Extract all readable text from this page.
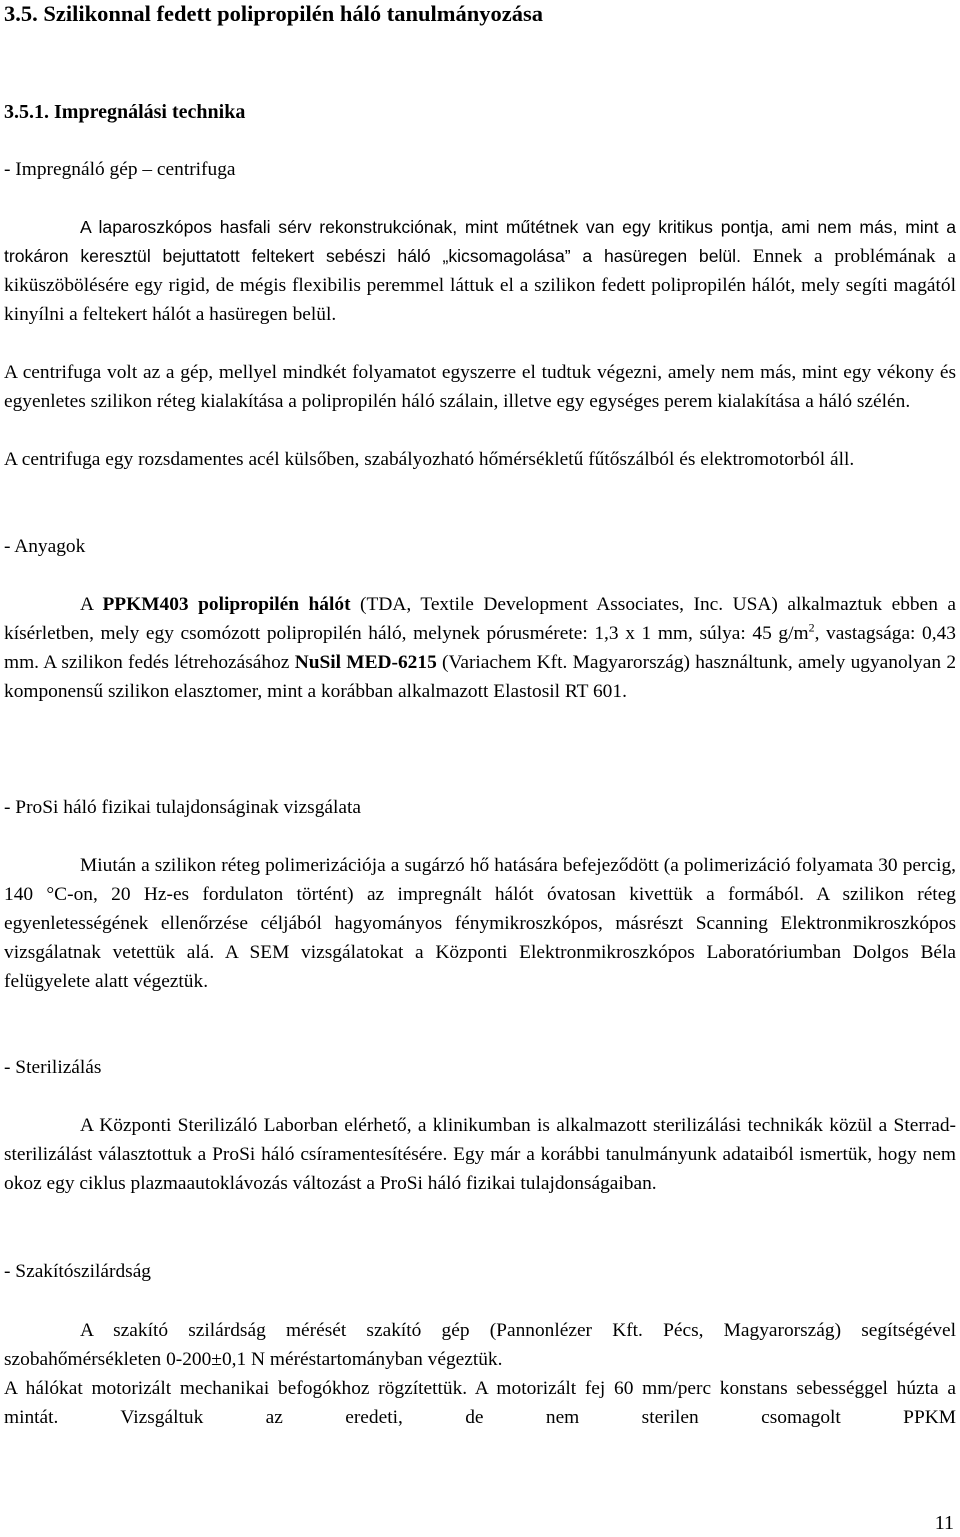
3.5. Szilikonnal fedett polipropilén háló tanulmányozása

3.5.1. Impregnálási technika

- Impregnáló gép – centrifuga

A laparoszkópos hasfali sérv rekonstrukciónak, mint műtétnek van egy kritikus pontja, ami nem más, mint a trokáron keresztül bejuttatott feltekert sebészi háló „kicsomagolása” a hasüregen belül. Ennek a problémának a kiküszöbölésére egy rigid, de mégis flexibilis peremmel láttuk el a szilikon fedett polipropilén hálót, mely segíti magától kinyílni a feltekert hálót a hasüregen belül.

A centrifuga volt az a gép, mellyel mindkét folyamatot egyszerre el tudtuk végezni, amely nem más, mint egy vékony és egyenletes szilikon réteg kialakítása a polipropilén háló szálain, illetve egy egységes perem kialakítása a háló szélén.

A centrifuga egy rozsdamentes acél külsőben, szabályozható hőmérsékletű fűtőszálból és elektromotorból áll.

- Anyagok

A PPKM403 polipropilén hálót (TDA, Textile Development Associates, Inc. USA) alkalmaztuk ebben a kísérletben, mely egy csomózott polipropilén háló, melynek pórusmérete: 1,3 x 1 mm, súlya: 45 $g/m^2$, vastagsága: 0,43 mm. A szilikon fedés létrehozásához NuSil MED-6215 (Variachem Kft. Magyarország) használtunk, amely ugyanolyan 2 komponensű szilikon elasztomer, mint a korábban alkalmazott Elastosil RT 601.

- ProSi háló fizikai tulajdonságinak vizsgálata

Miután a szilikon réteg polimerizációja a sugárzó hő hatására befejeződött (a polimerizáció folyamata 30 percig, 140 °C-on, 20 Hz-es fordulaton történt) az impregnált hálót óvatosan kivettük a formából. A szilikon réteg egyenletességének ellenőrzése céljából hagyományos fénymikroszkópos, másrészt Scanning Elektronmikroszkópos vizsgálatnak vetettük alá. A SEM vizsgálatokat a Központi Elektronmikroszkópos Laboratóriumban Dolgos Béla felügyelete alatt végeztük.

- Sterilizálás

A Központi Sterilizáló Laborban elérhető, a klinikumban is alkalmazott sterilizálási technikák közül a Sterrad-sterilizálást választottuk a ProSi háló csíramentesítésére. Egy már a korábbi tanulmányunk adataiból ismertük, hogy nem okoz egy ciklus plazmaautoklávozás változást a ProSi háló fizikai tulajdonságaiban.

- Szakítószilárdság

A szakító szilárdság mérését szakító gép (Pannonlézer Kft. Pécs, Magyarország) segítségével szobahőmérsékleten 0-200±0,1 N méréstartományban végeztük.

A hálókat motorizált mechanikai befogókhoz rögzítettük. A motorizált fej 60 mm/perc konstans sebességgel húzta a mintát. Vizsgáltuk az eredeti, de nem sterilen csomagolt PPKM

11
